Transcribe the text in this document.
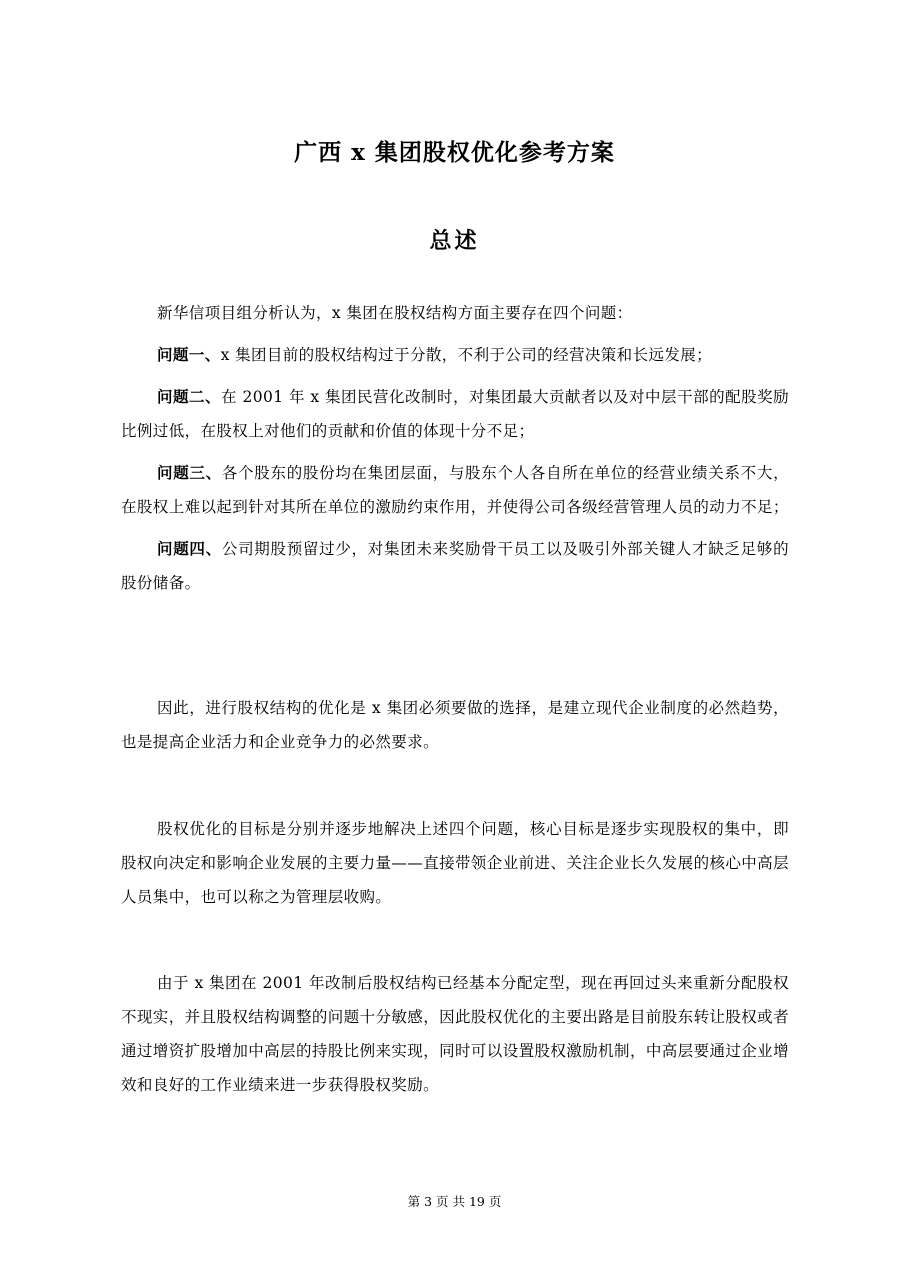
广西 x 集团股权优化参考方案
总述

新华信项目组分析认为，x 集团在股权结构方面主要存在四个问题：

问题一、x 集团目前的股权结构过于分散，不利于公司的经营决策和长远发展；

问题二、在 2001 年 x 集团民营化改制时，对集团最大贡献者以及对中层干部的配股奖励比例过低，在股权上对他们的贡献和价值的体现十分不足；

问题三、各个股东的股份均在集团层面，与股东个人各自所在单位的经营业绩关系不大，在股权上难以起到针对其所在单位的激励约束作用，并使得公司各级经营管理人员的动力不足；

问题四、公司期股预留过少，对集团未来奖励骨干员工以及吸引外部关键人才缺乏足够的股份储备。

因此，进行股权结构的优化是 x 集团必须要做的选择，是建立现代企业制度的必然趋势，也是提高企业活力和企业竞争力的必然要求。

股权优化的目标是分别并逐步地解决上述四个问题，核心目标是逐步实现股权的集中，即股权向决定和影响企业发展的主要力量——直接带领企业前进、关注企业长久发展的核心中高层人员集中，也可以称之为管理层收购。

由于 x 集团在 2001 年改制后股权结构已经基本分配定型，现在再回过头来重新分配股权不现实，并且股权结构调整的问题十分敏感，因此股权优化的主要出路是目前股东转让股权或者通过增资扩股增加中高层的持股比例来实现，同时可以设置股权激励机制，中高层要通过企业增效和良好的工作业绩来进一步获得股权奖励。

第 3 页 共 19 页
